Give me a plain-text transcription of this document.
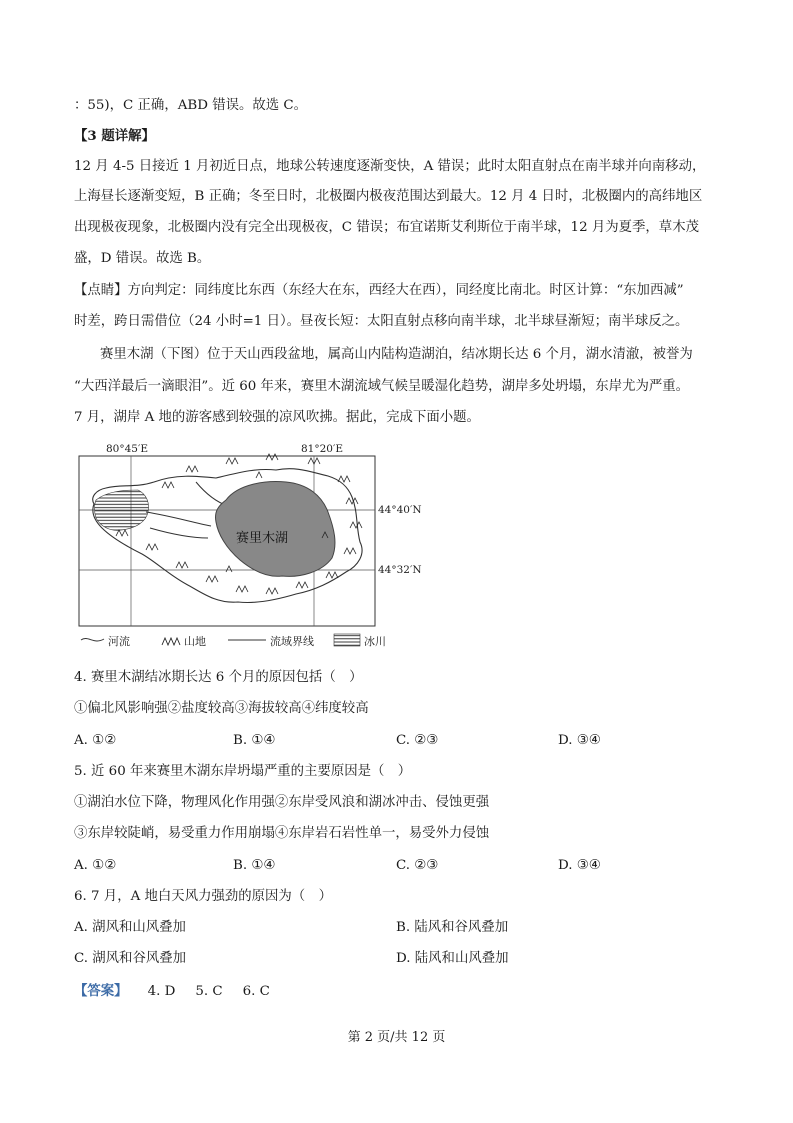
：55)，C 正确，ABD 错误。故选 C。
【3 题详解】
12 月 4-5 日接近 1 月初近日点，地球公转速度逐渐变快，A 错误；此时太阳直射点在南半球并向南移动，
上海昼长逐渐变短，B 正确；冬至日时，北极圈内极夜范围达到最大。12 月 4 日时，北极圈内的高纬地区
出现极夜现象，北极圈内没有完全出现极夜，C 错误；布宜诺斯艾利斯位于南半球，12 月为夏季，草木茂
盛，D 错误。故选 B。
【点睛】方向判定：同纬度比东西（东经大在东，西经大在西），同经度比南北。时区计算：“东加西减”
时差，跨日需借位（24 小时=1 日）。昼夜长短：太阳直射点移向南半球，北半球昼渐短；南半球反之。
赛里木湖（下图）位于天山西段盆地，属高山内陆构造湖泊，结冰期长达 6 个月，湖水清澈，被誉为
“大西洋最后一滴眼泪”。近 60 年来，赛里木湖流域气候呈暖湿化趋势，湖岸多处坍塌，东岸尤为严重。
7 月，湖岸 A 地的游客感到较强的凉风吹拂。据此，完成下面小题。
80°45′E	81°20′E
44°40′N
44°32′N
赛里木湖
河流	山地	流域界线	冰川
4. 赛里木湖结冰期长达 6 个月的原因包括（　）
①偏北风影响强②盐度较高③海拔较高④纬度较高
A. ①②	B. ①④	C. ②③	D. ③④
5. 近 60 年来赛里木湖东岸坍塌严重的主要原因是（　）
①湖泊水位下降，物理风化作用强②东岸受风浪和湖冰冲击、侵蚀更强
③东岸较陡峭，易受重力作用崩塌④东岸岩石岩性单一，易受外力侵蚀
A. ①②	B. ①④	C. ②③	D. ③④
6. 7 月，A 地白天风力强劲的原因为（　）
A. 湖风和山风叠加	B. 陆风和谷风叠加
C. 湖风和谷风叠加	D. 陆风和山风叠加
【答案】 4. D 5. C 6. C
第 2 页/共 12 页
